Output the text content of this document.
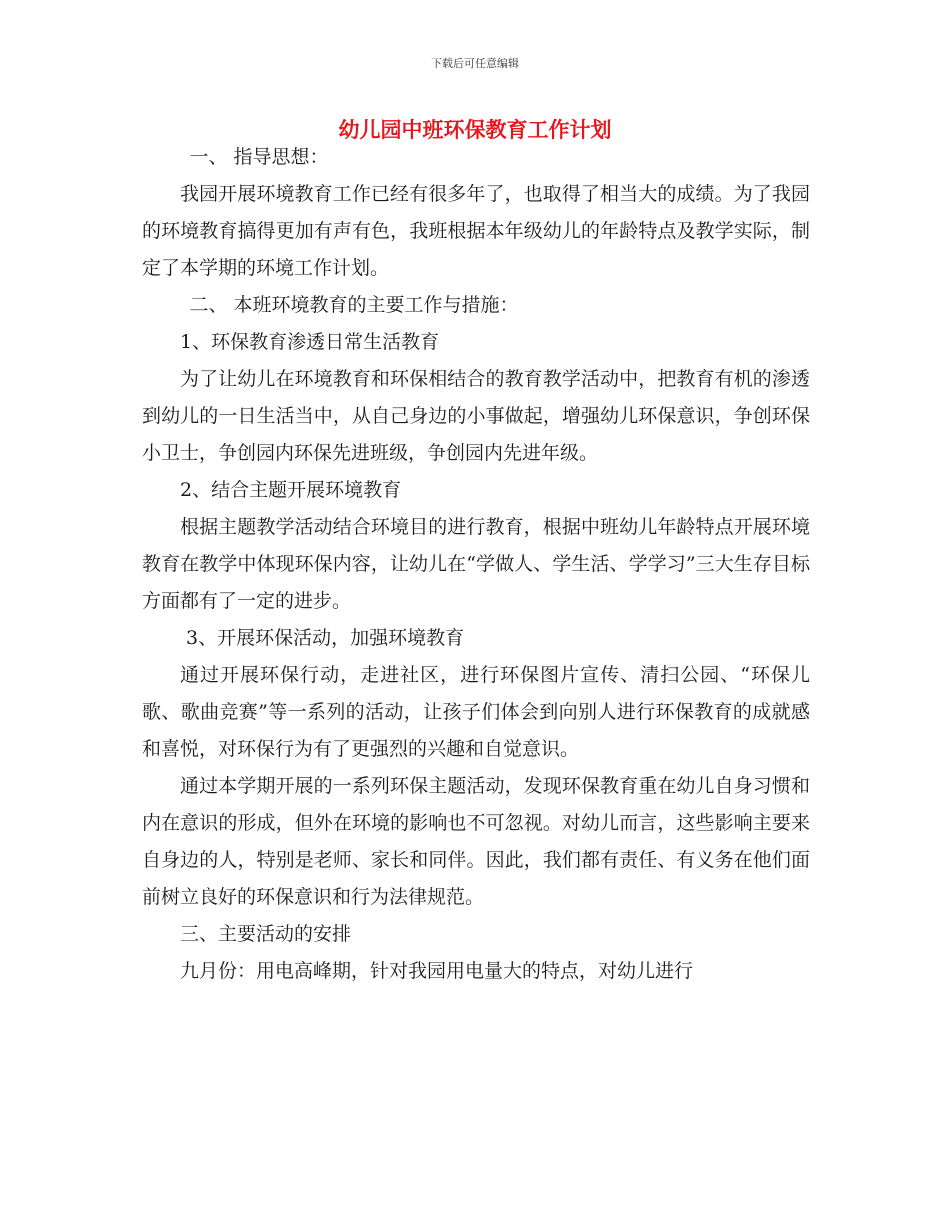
下载后可任意编辑
幼儿园中班环保教育工作计划

一、 指导思想：

我园开展环境教育工作已经有很多年了，也取得了相当大的成绩。为了我园的环境教育搞得更加有声有色，我班根据本年级幼儿的年龄特点及教学实际，制定了本学期的环境工作计划。

二、 本班环境教育的主要工作与措施：

1、环保教育渗透日常生活教育

为了让幼儿在环境教育和环保相结合的教育教学活动中，把教育有机的渗透到幼儿的一日生活当中，从自己身边的小事做起，增强幼儿环保意识，争创环保小卫士，争创园内环保先进班级，争创园内先进年级。

2、结合主题开展环境教育

根据主题教学活动结合环境目的进行教育，根据中班幼儿年龄特点开展环境教育在教学中体现环保内容，让幼儿在“学做人、学生活、学学习”三大生存目标方面都有了一定的进步。

3、开展环保活动，加强环境教育

通过开展环保行动，走进社区，进行环保图片宣传、清扫公园、“环保儿歌、歌曲竞赛”等一系列的活动，让孩子们体会到向别人进行环保教育的成就感和喜悦，对环保行为有了更强烈的兴趣和自觉意识。

通过本学期开展的一系列环保主题活动，发现环保教育重在幼儿自身习惯和内在意识的形成，但外在环境的影响也不可忽视。对幼儿而言，这些影响主要来自身边的人，特别是老师、家长和同伴。因此，我们都有责任、有义务在他们面前树立良好的环保意识和行为法律规范。

三、主要活动的安排

九月份：用电高峰期，针对我园用电量大的特点，对幼儿进行
